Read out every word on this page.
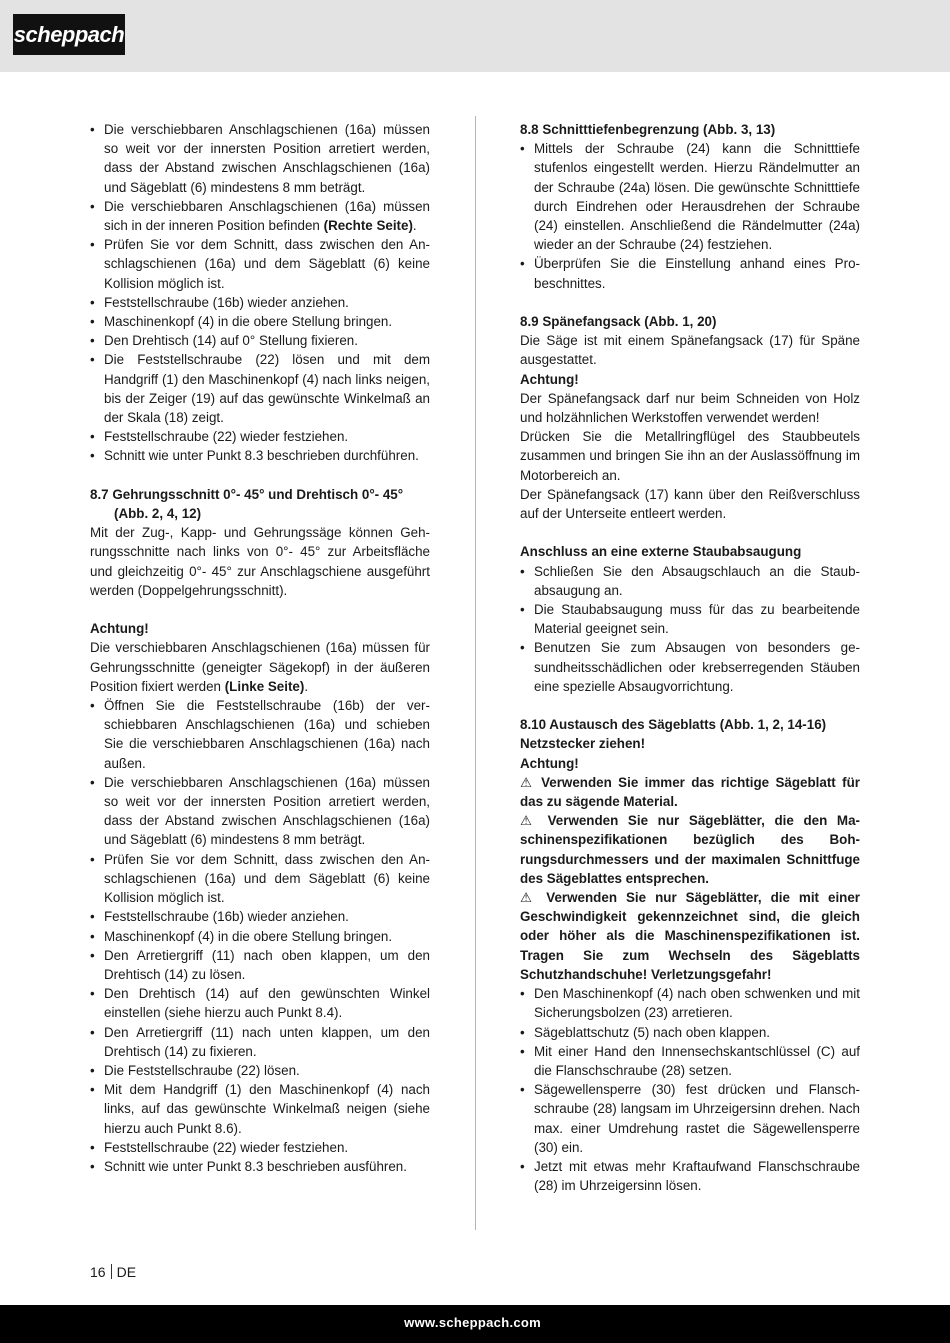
scheppach
• Die verschiebbaren Anschlagschienen (16a) müssen so weit vor der innersten Position arretiert werden, dass der Abstand zwischen Anschlagschienen (16a) und Sägeblatt (6) mindestens 8 mm beträgt.
• Die verschiebbaren Anschlagschienen (16a) müssen sich in der inneren Position befinden (Rechte Seite).
• Prüfen Sie vor dem Schnitt, dass zwischen den Anschlagschienen (16a) und dem Sägeblatt (6) keine Kollision möglich ist.
• Feststellschraube (16b) wieder anziehen.
• Maschinenkopf (4) in die obere Stellung bringen.
• Den Drehtisch (14) auf 0° Stellung fixieren.
• Die Feststellschraube (22) lösen und mit dem Handgriff (1) den Maschinenkopf (4) nach links neigen, bis der Zeiger (19) auf das gewünschte Winkelmaß an der Skala (18) zeigt.
• Feststellschraube (22) wieder festziehen.
• Schnitt wie unter Punkt 8.3 beschrieben durchführen.

8.7 Gehrungsschnitt 0°- 45° und Drehtisch 0°- 45° (Abb. 2, 4, 12)

Mit der Zug-, Kapp- und Gehrungssäge können Gehrungsschnitte nach links von 0°- 45° zur Arbeitsfläche und gleichzeitig 0°- 45° zur Anschlagschiene ausgeführt werden (Doppelgehrungsschnitt).

Achtung!

Die verschiebbaren Anschlagschienen (16a) müssen für Gehrungsschnitte (geneigter Sägekopf) in der äußeren Position fixiert werden (Linke Seite).

• Öffnen Sie die Feststellschraube (16b) der verschiebbaren Anschlagschienen (16a) und schieben Sie die verschiebbaren Anschlagschienen (16a) nach außen.
• Die verschiebbaren Anschlagschienen (16a) müssen so weit vor der innersten Position arretiert werden, dass der Abstand zwischen Anschlagschienen (16a) und Sägeblatt (6) mindestens 8 mm beträgt.
• Prüfen Sie vor dem Schnitt, dass zwischen den Anschlagschienen (16a) und dem Sägeblatt (6) keine Kollision möglich ist.
• Feststellschraube (16b) wieder anziehen.
• Maschinenkopf (4) in die obere Stellung bringen.
• Den Arretiergriff (11) nach oben klappen, um den Drehtisch (14) zu lösen.
• Den Drehtisch (14) auf den gewünschten Winkel einstellen (siehe hierzu auch Punkt 8.4).
• Den Arretiergriff (11) nach unten klappen, um den Drehtisch (14) zu fixieren.
• Die Feststellschraube (22) lösen.
• Mit dem Handgriff (1) den Maschinenkopf (4) nach links, auf das gewünschte Winkelmaß neigen (siehe hierzu auch Punkt 8.6).
• Feststellschraube (22) wieder festziehen.
• Schnitt wie unter Punkt 8.3 beschrieben ausführen.

8.8 Schnitttiefenbegrenzung (Abb. 3, 13)

• Mittels der Schraube (24) kann die Schnitttiefe stufenlos eingestellt werden. Hierzu Rändelmutter an der Schraube (24a) lösen. Die gewünschte Schnitttiefe durch Eindrehen oder Herausdrehen der Schraube (24) einstellen. Anschließend die Rändelmutter (24a) wieder an der Schraube (24) festziehen.
• Überprüfen Sie die Einstellung anhand eines Probeschnittes.

8.9 Spänefangsack (Abb. 1, 20)

Die Säge ist mit einem Spänefangsack (17) für Späne ausgestattet.

Achtung!

Der Spänefangsack darf nur beim Schneiden von Holz und holzähnlichen Werkstoffen verwendet werden!

Drücken Sie die Metallringflügel des Staubbeutels zusammen und bringen Sie ihn an der Auslassöffnung im Motorbereich an.

Der Spänefangsack (17) kann über den Reißverschluss auf der Unterseite entleert werden.

Anschluss an eine externe Staubabsaugung

• Schließen Sie den Absaugschlauch an die Staubabsaugung an.
• Die Staubabsaugung muss für das zu bearbeitende Material geeignet sein.
• Benutzen Sie zum Absaugen von besonders gesundheitsschädlichen oder krebserregenden Stäuben eine spezielle Absaugvorrichtung.

8.10 Austausch des Sägeblatts (Abb. 1, 2, 14-16)

Netzstecker ziehen!

Achtung!

⚠ Verwenden Sie immer das richtige Sägeblatt für das zu sägende Material.

⚠ Verwenden Sie nur Sägeblätter, die den Maschinenspezifikationen bezüglich des Bohrungsdurchmessers und der maximalen Schnittfuge des Sägeblattes entsprechen.

⚠ Verwenden Sie nur Sägeblätter, die mit einer Geschwindigkeit gekennzeichnet sind, die gleich oder höher als die Maschinenspezifikationen ist. Tragen Sie zum Wechseln des Sägeblatts Schutzhandschuhe! Verletzungsgefahr!

• Den Maschinenkopf (4) nach oben schwenken und mit Sicherungsbolzen (23) arretieren.
• Sägeblattschutz (5) nach oben klappen.
• Mit einer Hand den Innensechskantschlüssel (C) auf die Flanschschraube (28) setzen.
• Sägewellensperre (30) fest drücken und Flanschschraube (28) langsam im Uhrzeigersinn drehen. Nach max. einer Umdrehung rastet die Sägewellensperre (30) ein.
• Jetzt mit etwas mehr Kraftaufwand Flanschschraube (28) im Uhrzeigersinn lösen.
16 DE
www.scheppach.com
